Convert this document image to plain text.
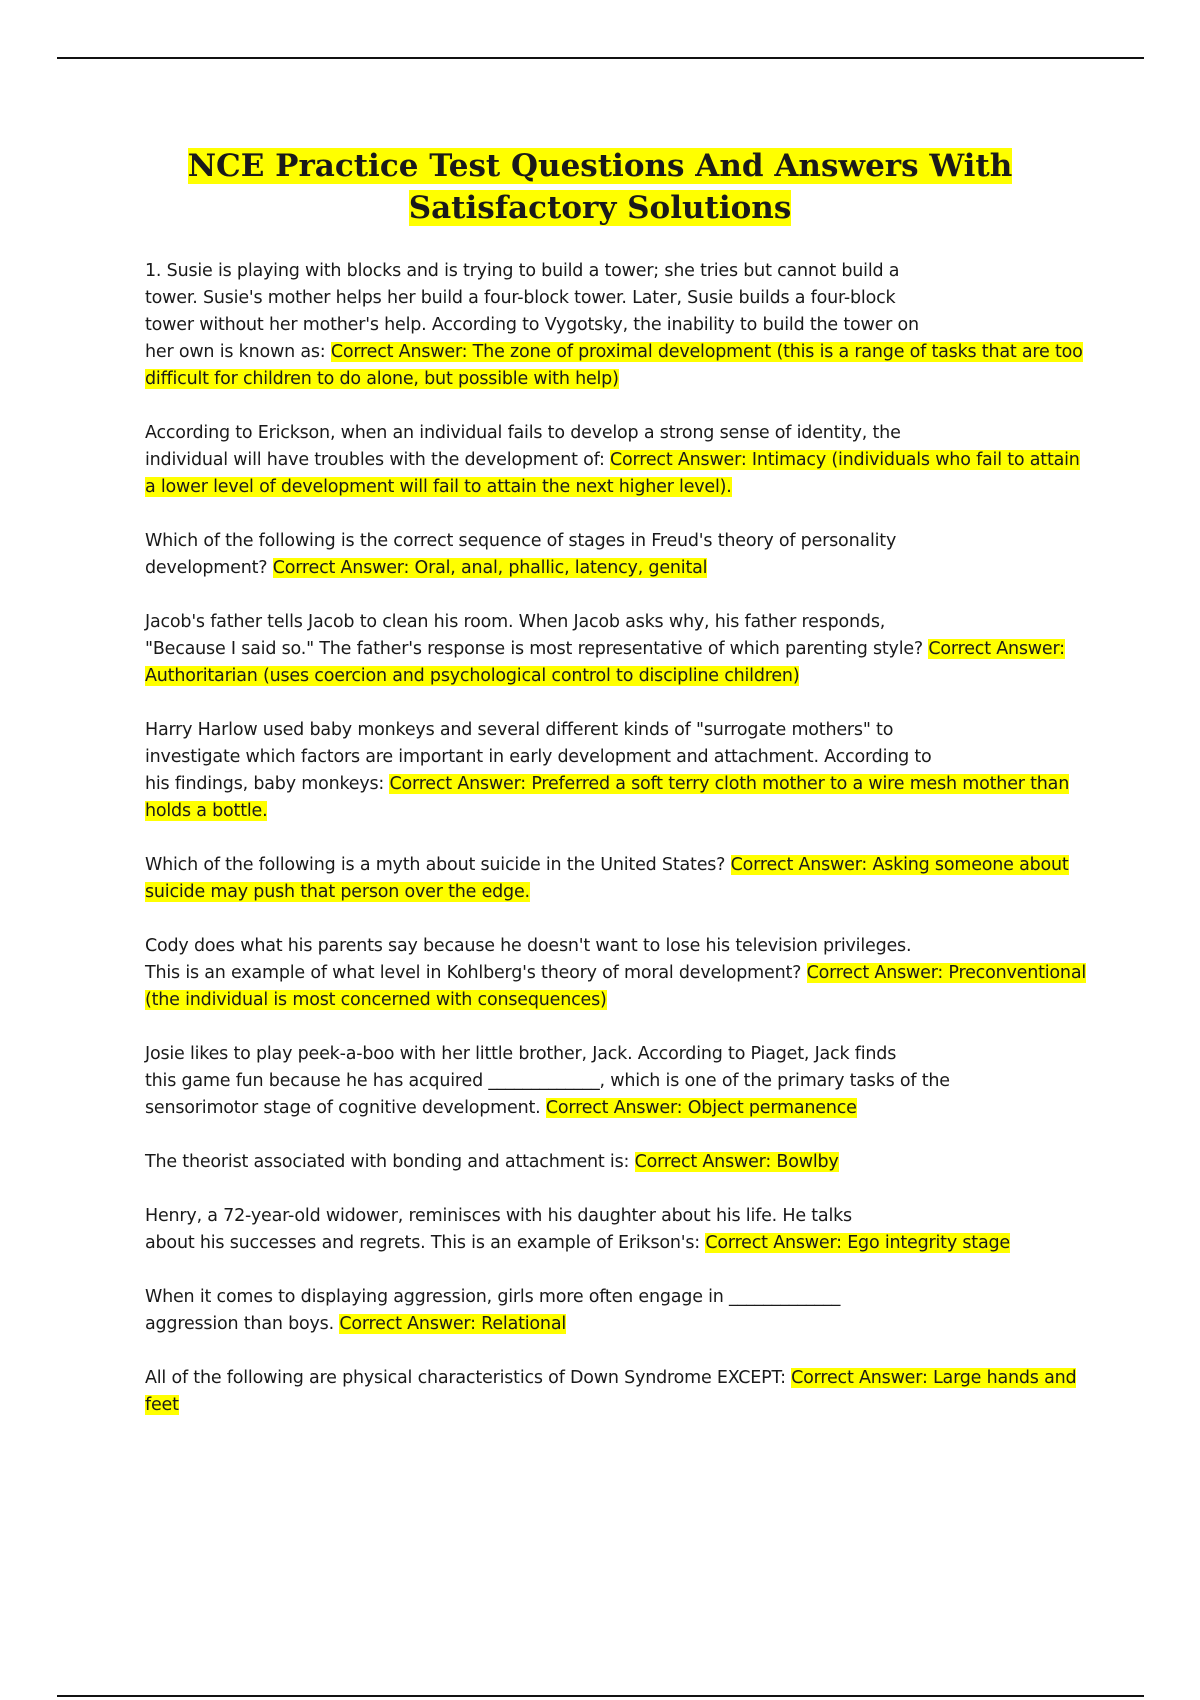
NCE Practice Test Questions And Answers With
Satisfactory Solutions

1. Susie is playing with blocks and is trying to build a tower; she tries but cannot build a
tower. Susie's mother helps her build a four-block tower. Later, Susie builds a four-block
tower without her mother's help. According to Vygotsky, the inability to build the tower on
her own is known as: Correct Answer: The zone of proximal development (this is a range of tasks that are too difficult for children to do alone, but possible with help)

According to Erickson, when an individual fails to develop a strong sense of identity, the
individual will have troubles with the development of: Correct Answer: Intimacy (individuals who fail to attain a lower level of development will fail to attain the next higher level).

Which of the following is the correct sequence of stages in Freud's theory of personality
development? Correct Answer: Oral, anal, phallic, latency, genital

Jacob's father tells Jacob to clean his room. When Jacob asks why, his father responds,
"Because I said so." The father's response is most representative of which parenting style? Correct Answer: Authoritarian (uses coercion and psychological control to discipline children)

Harry Harlow used baby monkeys and several different kinds of "surrogate mothers" to
investigate which factors are important in early development and attachment. According to
his findings, baby monkeys: Correct Answer: Preferred a soft terry cloth mother to a wire mesh mother than holds a bottle.

Which of the following is a myth about suicide in the United States? Correct Answer: Asking someone about suicide may push that person over the edge.

Cody does what his parents say because he doesn't want to lose his television privileges.
This is an example of what level in Kohlberg's theory of moral development? Correct Answer: Preconventional (the individual is most concerned with consequences)

Josie likes to play peek-a-boo with her little brother, Jack. According to Piaget, Jack finds
this game fun because he has acquired _____________, which is one of the primary tasks of the
sensorimotor stage of cognitive development. Correct Answer: Object permanence

The theorist associated with bonding and attachment is: Correct Answer: Bowlby

Henry, a 72-year-old widower, reminisces with his daughter about his life. He talks
about his successes and regrets. This is an example of Erikson's: Correct Answer: Ego integrity stage

When it comes to displaying aggression, girls more often engage in _____________
aggression than boys. Correct Answer: Relational

All of the following are physical characteristics of Down Syndrome EXCEPT: Correct Answer: Large hands and feet
